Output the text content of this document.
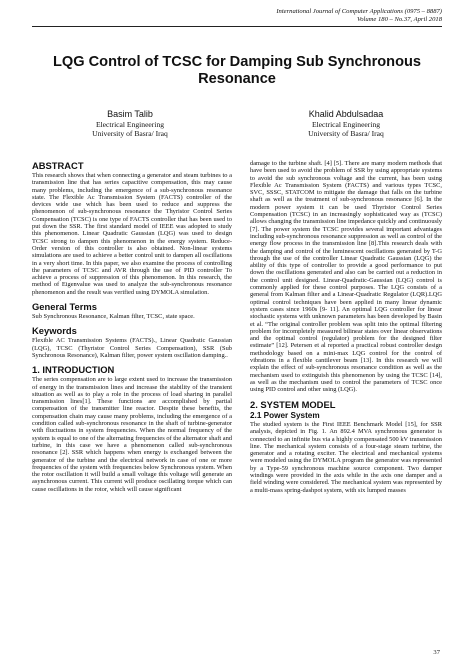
International Journal of Computer Applications (0975 – 8887)
Volume 180 – No.37, April 2018
LQG Control of TCSC for Damping Sub Synchronous
Resonance
Basim Talib
Electrical Engineering
University of Basra/ Iraq
Khalid Abdulsadaa
Electrical Engineering
University of Basra/ Iraq
ABSTRACT

This research shows that when connecting a generator and steam turbines to a transmission line that has series capacitive compensation, this may cause many problems, including the emergence of a sub-synchronous resonance state. The Flexible Ac Transmission System (FACTS) controller of the devices wide use which has been used to reduce and suppress the phenomenon of sub-synchronous resonance the Thyristor Control Series Compensation (TCSC) is one type of FACTS controller that has been used to put down the SSR. The first standard model of IEEE was adopted to study this phenomenon. Linear Quadratic Gaussian (LQG) was used to design TCSC strong to dampen this phenomenon in the energy system. Reduce- Order version of this controller is also obtained. Non-linear systems simulations are used to achieve a better control unit to dampen all oscillations in a very short time. In this paper, we also examine the process of controlling the parameters of TCSC and AVR through the use of PID controller To achieve a process of suppression of this phenomenon. In this research, the method of Eigenvalue was used to analyze the sub-synchronous resonance phenomenon and the result was verified using DYMOLA simulation.

General Terms

Sub Synchronous Resonance, Kalman filter, TCSC, state space.

Keywords

Flexible AC Transmission Systems (FACTS)., Linear Quadratic Gaussian (LQG), TCSC (Thyristor Control Series Compensation), SSR (Sub Synchronous Resonance), Kalman filter, power system oscillation damping..

1. INTRODUCTION

The series compensation are to large extent used to increase the transmission of energy in the transmission lines and increase the stability of the transient situation as well as to play a role in the process of load sharing in parallel transmission lines[1]. These functions are accomplished by partial compensation of the transmitter line reactor. Despite these benefits, the compensation chain may cause many problems, including the emergence of a condition called sub-synchronous resonance in the shaft of turbine-generator with fluctuations in system frequencies. When the normal frequency of the system is equal to one of the alternating frequencies of the alternator shaft and turbine, in this case we have a phenomenon called sub-synchronous resonance [2]. SSR which happens when energy is exchanged between the generator of the turbine and the electrical network in case of one or more frequencies of the system with frequencies below Synchronous system. When the rotor oscillation it will build a small voltage this voltage will generate an asynchronous current. This current will produce oscillating torque which can cause oscillations in the rotor, which will cause significant

damage to the turbine shaft. [4] [5]. There are many modern methods that have been used to avoid the problem of SSR by using appropriate systems to avoid the sub synchronous voltage and the current, has been using Flexible Ac Transmission System (FACTS) and various types TCSC, SVC, SSSC, STATCOM to mitigate the damage that falls on the turbine shaft as well as the treatment of sub-synchronous resonance [6]. In the modern power system it can be used Thyristor Control Series Compensation (TCSC) in an increasingly sophisticated way as (TCSC) allows changing the transmission line impedance quickly and continuously [7]. The power system the TCSC provides several important advantages including sub-synchronous resonance suppression as well as control of the energy flow process in the transmission line [8].This research deals with the damping and control of the luminescent oscillations generated by T-G through the use of the controller Linear Quadratic Gaussian (LQG) the ability of this type of controller to provide a good performance to put down the oscillations generated and also can be carried out a reduction in the control unit designed. Linear-Quadratic-Gaussian (LQG) control is commonly applied for these control purposes. The LQG consists of a general from Kalman filter and a Linear-Quadratic Regulator (LQR).LQG optimal control techniques have been applied in many linear dynamic system cases since 1960s [9- 11]. An optimal LQG controller for linear stochastic systems with unknown parameters has been developed by Basin et al. “The original controller problem was split into the optimal filtering problem for incompletely measured bilinear states over linear observations and the optimal control (regulator) problem for the designed filter estimate” [12]. Petersen et al reported a practical robust controller design methodology based on a mini-max LQG control for the control of vibrations in a flexible cantilever beam [13]. In this research we will explain the effect of sub-synchronous resonance condition as well as the mechanism used to extinguish this phenomenon by using the TCSC [14], as well as the mechanism used to control the parameters of TCSC once using PID control and other using (LQG).

2. SYSTEM MODEL
2.1 Power System

The studied system is the First IEEE Benchmark Model [15], for SSR analysis, depicted in Fig. 1. An 892.4 MVA synchronous generator is connected to an infinite bus via a highly compensated 500 kV transmission line. The mechanical system consists of a four-stage steam turbine, the generator and a rotating exciter. The electrical and mechanical systems were modeled using the DYMOLA program the generator was represented by a Type-59 synchronous machine source component. Two damper windings were provided in the axis while in the axis one damper and a field winding were considered. The mechanical system was represented by a multi-mass spring-dashpot system, with six lumped masses

37
